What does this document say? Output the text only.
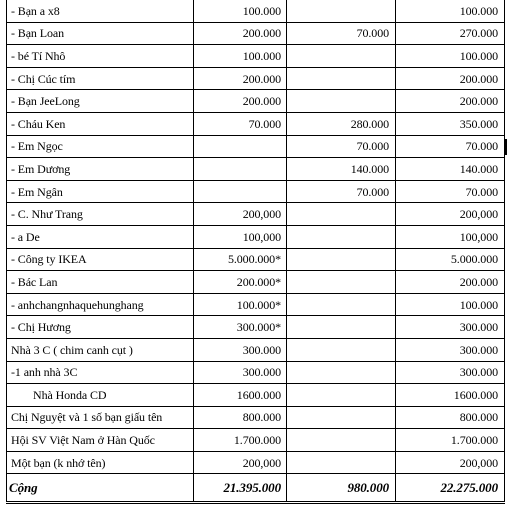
- Bạn a x8	100.000		100.000
- Bạn Loan	200.000	70.000	270.000
- bé Tí Nhô	100.000		100.000
- Chị Cúc tím	200.000		200.000
- Bạn JeeLong	200.000		200.000
- Cháu Ken	70.000	280.000	350.000
- Em Ngọc		70.000	70.000
- Em Dương		140.000	140.000
- Em Ngân		70.000	70.000
- C. Như Trang	200,000		200,000
- a De	100,000		100,000
- Công ty IKEA	5.000.000*		5.000.000
- Bác Lan	200.000*		200.000
- anhchangnhaquehunghang	100.000*		100.000
- Chị Hương	300.000*		300.000
Nhà 3 C ( chim canh cụt )	300.000		300.000
-1 anh nhà 3C	300.000		300.000
Nhà Honda CD	1600.000		1600.000
Chị Nguyệt và 1 số bạn giấu tên	800.000		800.000
Hội SV Việt Nam ở Hàn Quốc	1.700.000		1.700.000
Một bạn (k nhớ tên)	200,000		200,000
Cộng	21.395.000	980.000	22.275.000
